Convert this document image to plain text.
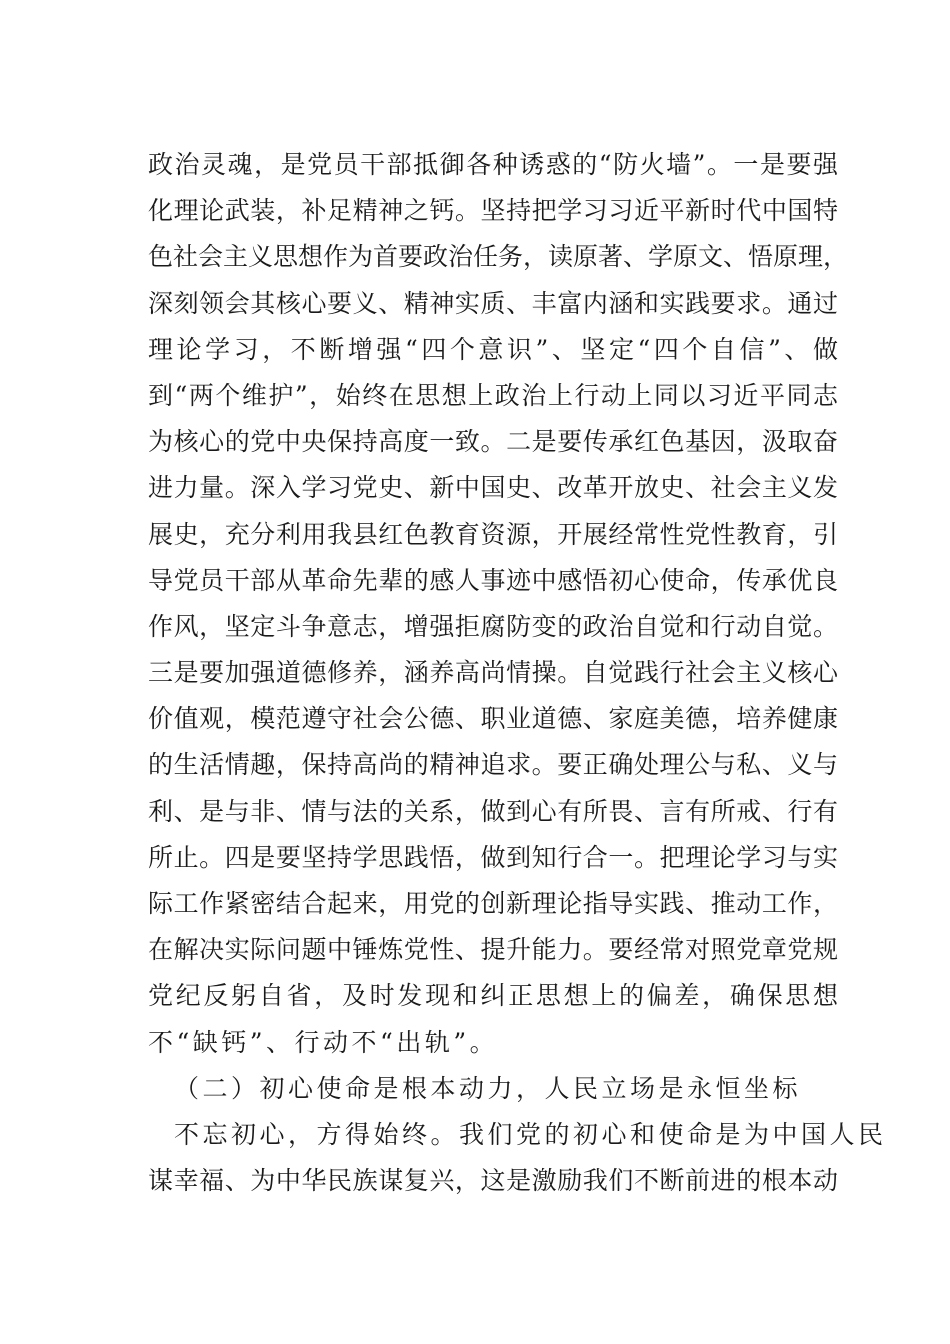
政治灵魂，是党员干部抵御各种诱惑的“防火墙”。一是要强
化理论武装，补足精神之钙。坚持把学习习近平新时代中国特
色社会主义思想作为首要政治任务，读原著、学原文、悟原理，
深刻领会其核心要义、精神实质、丰富内涵和实践要求。通过
理论学习，不断增强“四个意识”、坚定“四个自信”、做
到“两个维护”，始终在思想上政治上行动上同以习近平同志
为核心的党中央保持高度一致。二是要传承红色基因，汲取奋
进力量。深入学习党史、新中国史、改革开放史、社会主义发
展史，充分利用我县红色教育资源，开展经常性党性教育，引
导党员干部从革命先辈的感人事迹中感悟初心使命，传承优良
作风，坚定斗争意志，增强拒腐防变的政治自觉和行动自觉。
三是要加强道德修养，涵养高尚情操。自觉践行社会主义核心
价值观，模范遵守社会公德、职业道德、家庭美德，培养健康
的生活情趣，保持高尚的精神追求。要正确处理公与私、义与
利、是与非、情与法的关系，做到心有所畏、言有所戒、行有
所止。四是要坚持学思践悟，做到知行合一。把理论学习与实
际工作紧密结合起来，用党的创新理论指导实践、推动工作，
在解决实际问题中锤炼党性、提升能力。要经常对照党章党规
党纪反躬自省，及时发现和纠正思想上的偏差，确保思想
不“缺钙”、行动不“出轨”。
（二）初心使命是根本动力，人民立场是永恒坐标
不忘初心，方得始终。我们党的初心和使命是为中国人民
谋幸福、为中华民族谋复兴，这是激励我们不断前进的根本动
